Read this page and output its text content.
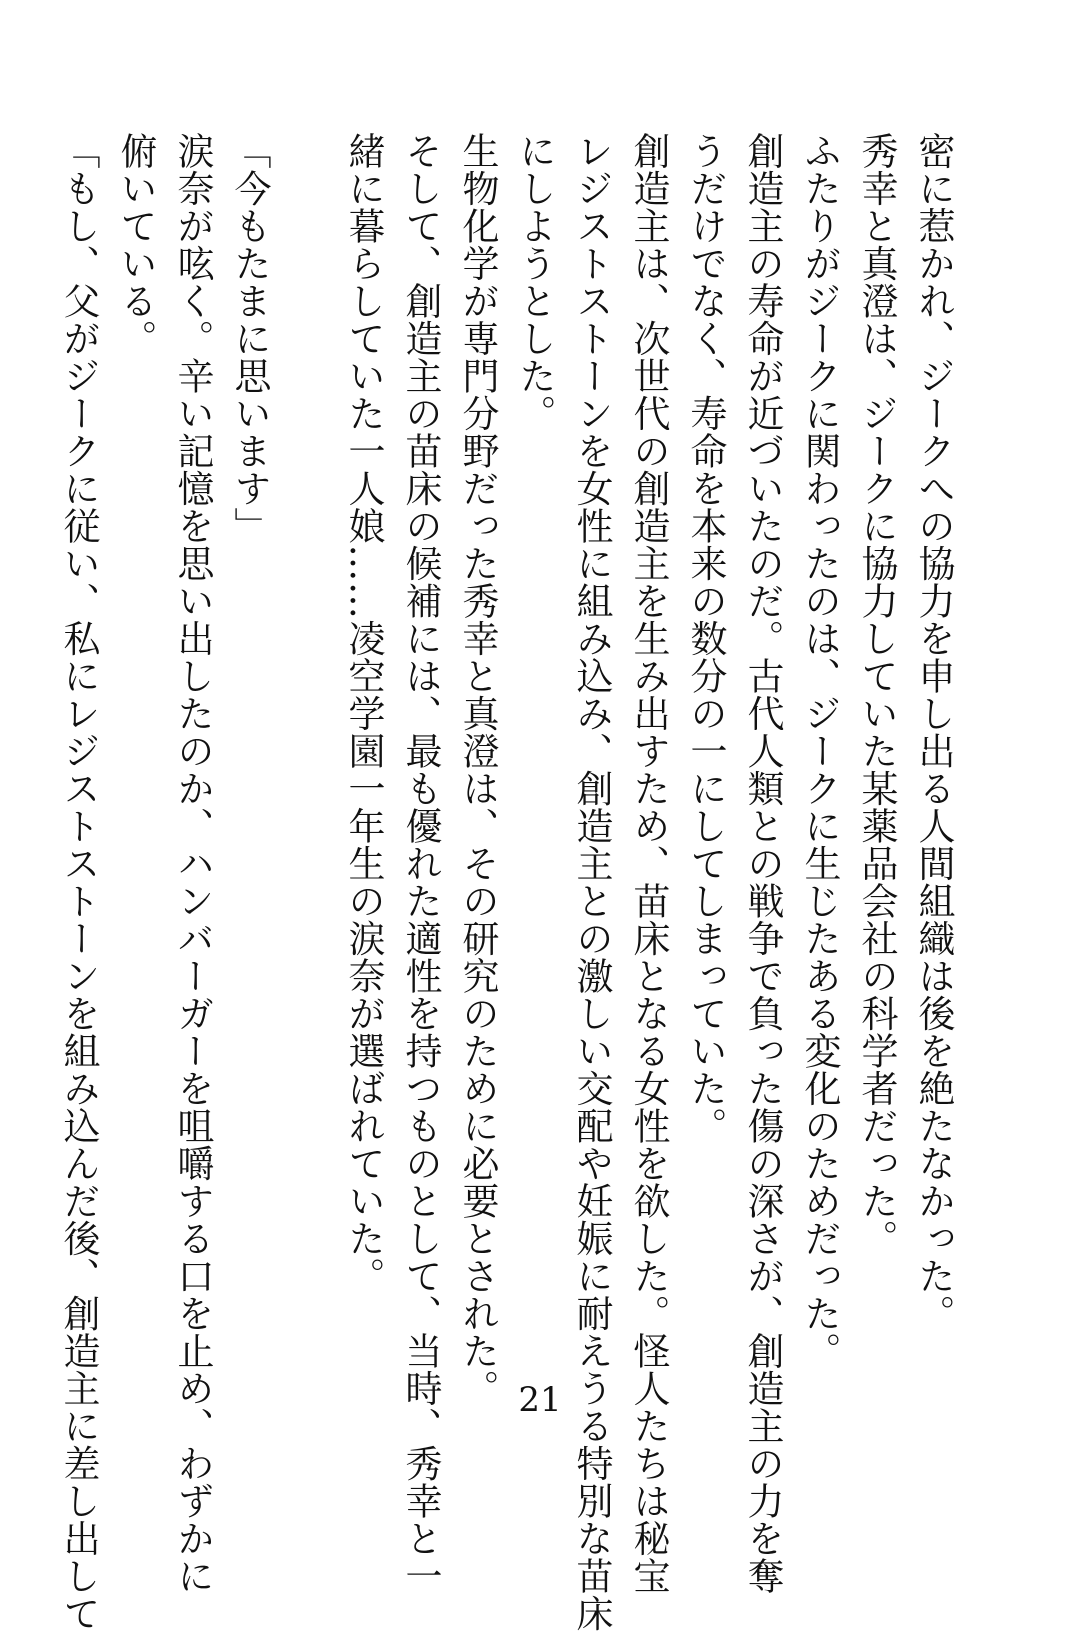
密に惹かれ、ジークへの協力を申し出る人間組織は後を絶たなかった。
秀幸と真澄は、ジークに協力していた某薬品会社の科学者だった。
ふたりがジークに関わったのは、ジークに生じたある変化のためだった。
創造主の寿命が近づいたのだ。古代人類との戦争で負った傷の深さが、創造主の力を奪
うだけでなく、寿命を本来の数分の一にしてしまっていた。
創造主は、次世代の創造主を生み出すため、苗床となる女性を欲した。怪人たちは秘宝
レジストストーンを女性に組み込み、創造主との激しい交配や妊娠に耐えうる特別な苗床
にしようとした。
生物化学が専門分野だった秀幸と真澄は、その研究のために必要とされた。
そして、創造主の苗床の候補には、最も優れた適性を持つものとして、当時、秀幸と一
緒に暮らしていた一人娘……凌空学園一年生の涙奈が選ばれていた。
「今もたまに思います」
涙奈が呟く。辛い記憶を思い出したのか、ハンバーガーを咀嚼する口を止め、わずかに
俯いている。
「もし、父がジークに従い、私にレジストストーンを組み込んだ後、創造主に差し出して	21
